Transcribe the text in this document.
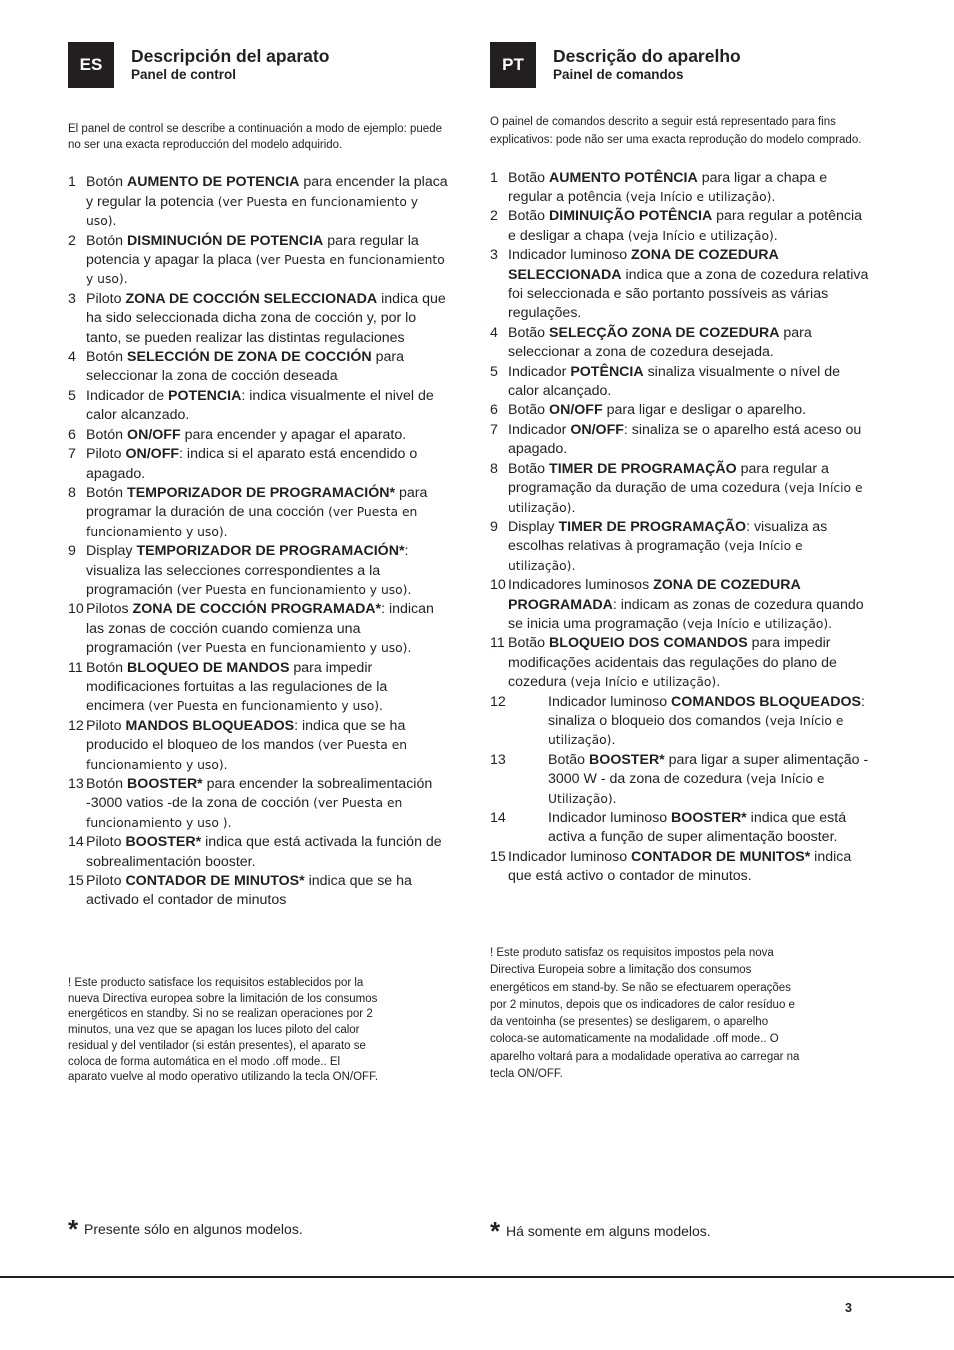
ES	Descripción del aparato
Panel de control
El panel de control se describe a continuación a modo de ejemplo: puede no ser una exacta reproducción del modelo adquirido.
1 Botón AUMENTO DE POTENCIA para encender la placa y regular la potencia (ver Puesta en funcionamiento y uso).
2 Botón DISMINUCIÓN DE POTENCIA para regular la potencia y apagar la placa (ver Puesta en funcionamiento y uso).
3 Piloto ZONA DE COCCIÓN SELECCIONADA indica que ha sido seleccionada dicha zona de cocción y, por lo tanto, se pueden realizar las distintas regulaciones
4 Botón SELECCIÓN DE ZONA DE COCCIÓN para seleccionar la zona de cocción deseada
5 Indicador de POTENCIA: indica visualmente el nivel de calor alcanzado.
6 Botón ON/OFF para encender y apagar el aparato.
7 Piloto ON/OFF: indica si el aparato está encendido o apagado.
8 Botón TEMPORIZADOR DE PROGRAMACIÓN* para programar la duración de una cocción (ver Puesta en funcionamiento y uso).
9 Display TEMPORIZADOR DE PROGRAMACIÓN*: visualiza las selecciones correspondientes a la programación (ver Puesta en funcionamiento y uso).
10 Pilotos ZONA DE COCCIÓN PROGRAMADA*: indican las zonas de cocción cuando comienza una programación (ver Puesta en funcionamiento y uso).
11 Botón BLOQUEO DE MANDOS para impedir modificaciones fortuitas a las regulaciones de la encimera (ver Puesta en funcionamiento y uso).
12 Piloto MANDOS BLOQUEADOS: indica que se ha producido el bloqueo de los mandos (ver Puesta en funcionamiento y uso).
13 Botón BOOSTER* para encender la sobrealimentación -3000 vatios -de la zona de cocción (ver Puesta en funcionamiento y uso ).
14 Piloto BOOSTER* indica que está activada la función de sobrealimentación booster.
15 Piloto CONTADOR DE MINUTOS* indica que se ha activado el contador de minutos
PT	Descrição do aparelho
Painel de comandos
O painel de comandos descrito a seguir está representado para fins explicativos: pode não ser uma exacta reprodução do modelo comprado.
1 Botão AUMENTO POTÊNCIA para ligar a chapa e regular a potência (veja Início e utilização).
2 Botão DIMINUIÇÃO POTÊNCIA para regular a potência e desligar a chapa (veja Início e utilização).
3 Indicador luminoso ZONA DE COZEDURA SELECCIONADA indica que a zona de cozedura relativa foi seleccionada e são portanto possíveis as várias regulações.
4 Botão SELECÇÃO ZONA DE COZEDURA para seleccionar a zona de cozedura desejada.
5 Indicador POTÊNCIA sinaliza visualmente o nível de calor alcançado.
6 Botão ON/OFF para ligar e desligar o aparelho.
7 Indicador ON/OFF: sinaliza se o aparelho está aceso ou apagado.
8 Botão TIMER DE PROGRAMAÇÃO para regular a programação da duração de uma cozedura (veja Início e utilização).
9 Display TIMER DE PROGRAMAÇÃO: visualiza as escolhas relativas à programação (veja Início e utilização).
10 Indicadores luminosos ZONA DE COZEDURA PROGRAMADA: indicam as zonas de cozedura quando se inicia uma programação (veja Início e utilização).
11 Botão BLOQUEIO DOS COMANDOS para impedir modificações acidentais das regulações do plano de cozedura (veja Início e utilização).
12	Indicador luminoso COMANDOS BLOQUEADOS: sinaliza o bloqueio dos comandos (veja Início e utilização).
13	Botão BOOSTER* para ligar a super alimentação - 3000 W - da zona de cozedura (veja Início e Utilização).
14	Indicador luminoso BOOSTER* indica que está activa a função de super alimentação booster.
15 Indicador luminoso CONTADOR DE MUNITOS* indica que está activo o contador de minutos.
! Este producto satisface los requisitos establecidos por la nueva Directiva europea sobre la limitación de los consumos energéticos en standby. Si no se realizan operaciones por 2 minutos, una vez que se apagan los luces piloto del calor residual y del ventilador (si están presentes), el aparato se coloca de forma automática en el modo .off mode.. El aparato vuelve al modo operativo utilizando la tecla ON/OFF.
! Este produto satisfaz os requisitos impostos pela nova Directiva Europeia sobre a limitação dos consumos energéticos em stand-by. Se não se efectuarem operações por 2 minutos, depois que os indicadores de calor resíduo e da ventoinha (se presentes) se desligarem, o aparelho coloca-se automaticamente na modalidade .off mode.. O aparelho voltará para a modalidade operativa ao carregar na tecla ON/OFF.
* Presente sólo en algunos modelos.	* Há somente em alguns modelos.
3
